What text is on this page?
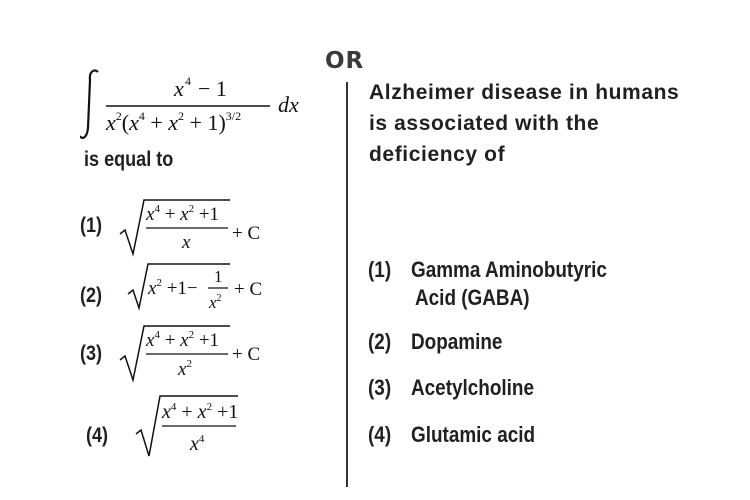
OR
x 4 − 1
$x^2(x^4 + x^2 + 1)^{3/2}$ dx
is equal to
(1) $x^4 + x^2 +1$
x + C
(2) $x^2 +1-$
1
$x^2 + C$
(3)
$x^4 + x^2 +1$
$x^2 + C$
(4)
$x^4 + x^2 +1$
$x^4$
Alzheimer disease in humans
is associated with the
deficiency of
(1) Gamma Aminobutyric
Acid (GABA)
(2) Dopamine
(3) Acetylcholine
(4) Glutamic acid
